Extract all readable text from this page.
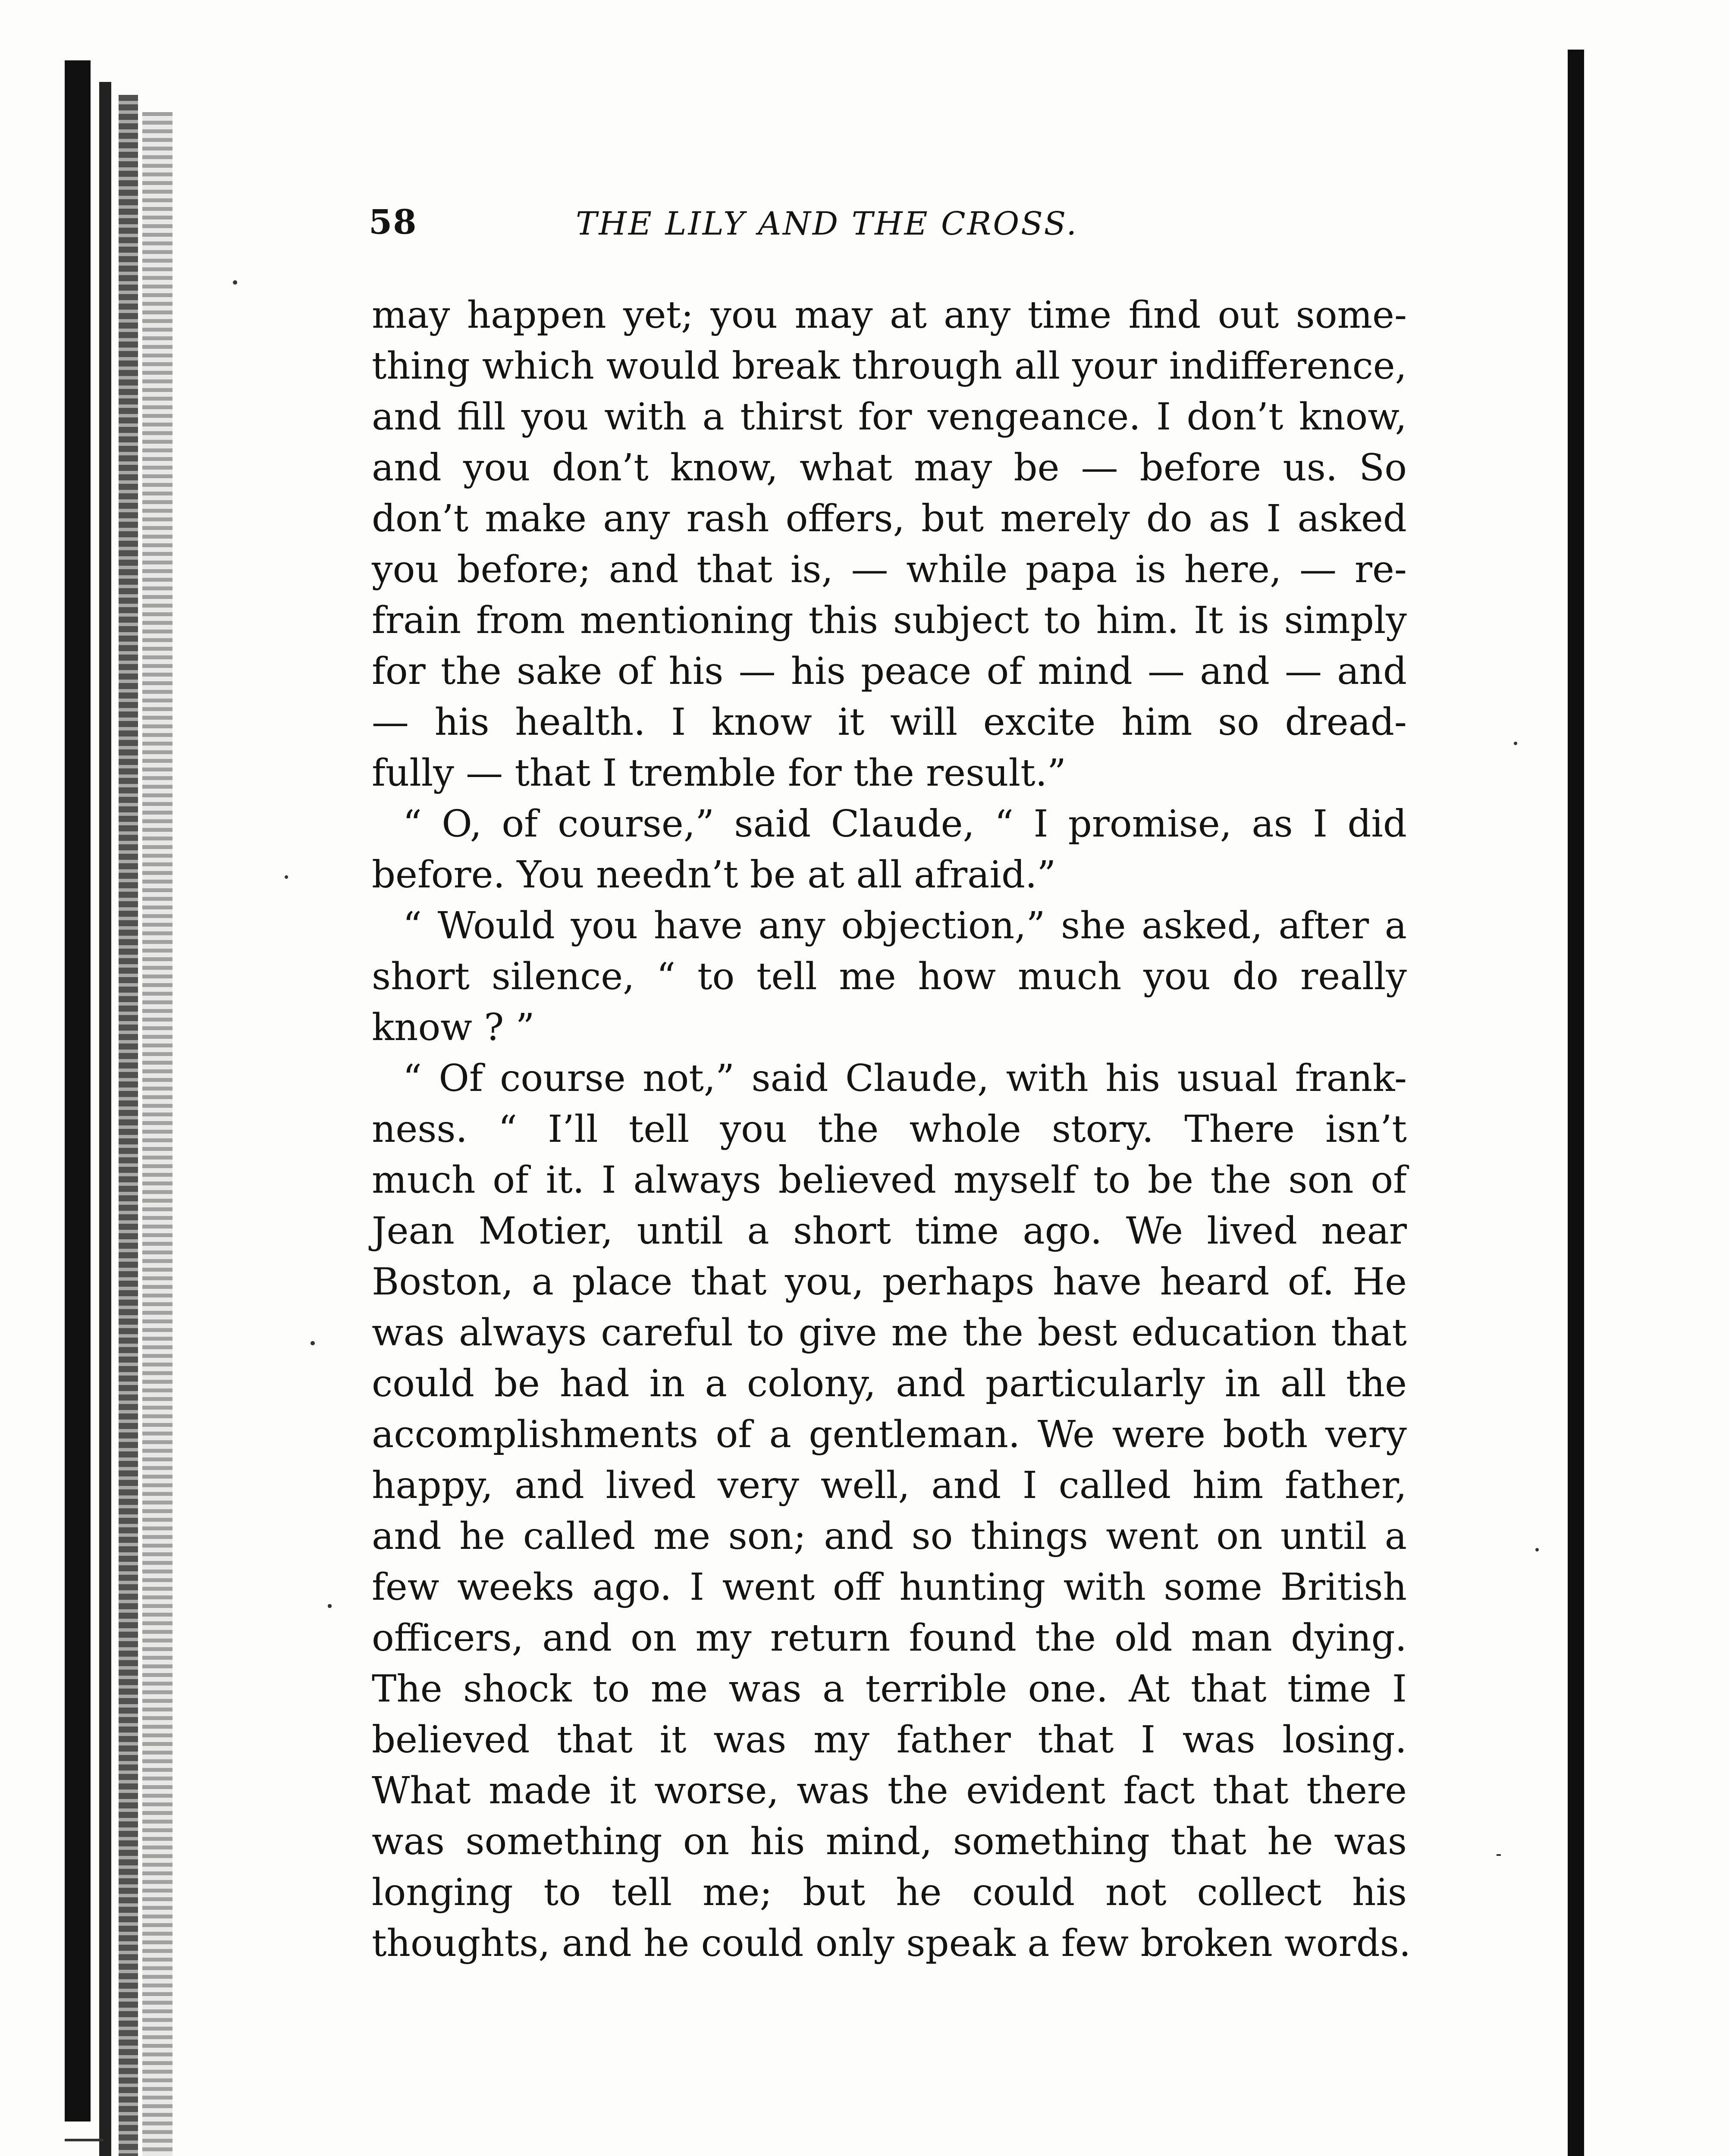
58	THE LILY AND THE CROSS.
may happen yet; you may at any time find out some-
thing which would break through all your indifference,
and fill you with a thirst for vengeance. I don’t know,
and you don’t know, what may be — before us. So
don’t make any rash offers, but merely do as I asked
you before; and that is, — while papa is here, — re-
frain from mentioning this subject to him. It is simply
for the sake of his — his peace of mind — and — and
— his health. I know it will excite him so dread-
fully — that I tremble for the result.”
“ O, of course,” said Claude, “ I promise, as I did
before. You needn’t be at all afraid.”
“ Would you have any objection,” she asked, after a
short silence, “ to tell me how much you do really
know ? ”
“ Of course not,” said Claude, with his usual frank-
ness. “ I’ll tell you the whole story. There isn’t
much of it. I always believed myself to be the son of
Jean Motier, until a short time ago. We lived near
Boston, a place that you, perhaps have heard of. He
was always careful to give me the best education that
could be had in a colony, and particularly in all the
accomplishments of a gentleman. We were both very
happy, and lived very well, and I called him father,
and he called me son; and so things went on until a
few weeks ago. I went off hunting with some British
officers, and on my return found the old man dying.
The shock to me was a terrible one. At that time I
believed that it was my father that I was losing.
What made it worse, was the evident fact that there
was something on his mind, something that he was
longing to tell me; but he could not collect his
thoughts, and he could only speak a few broken words.
